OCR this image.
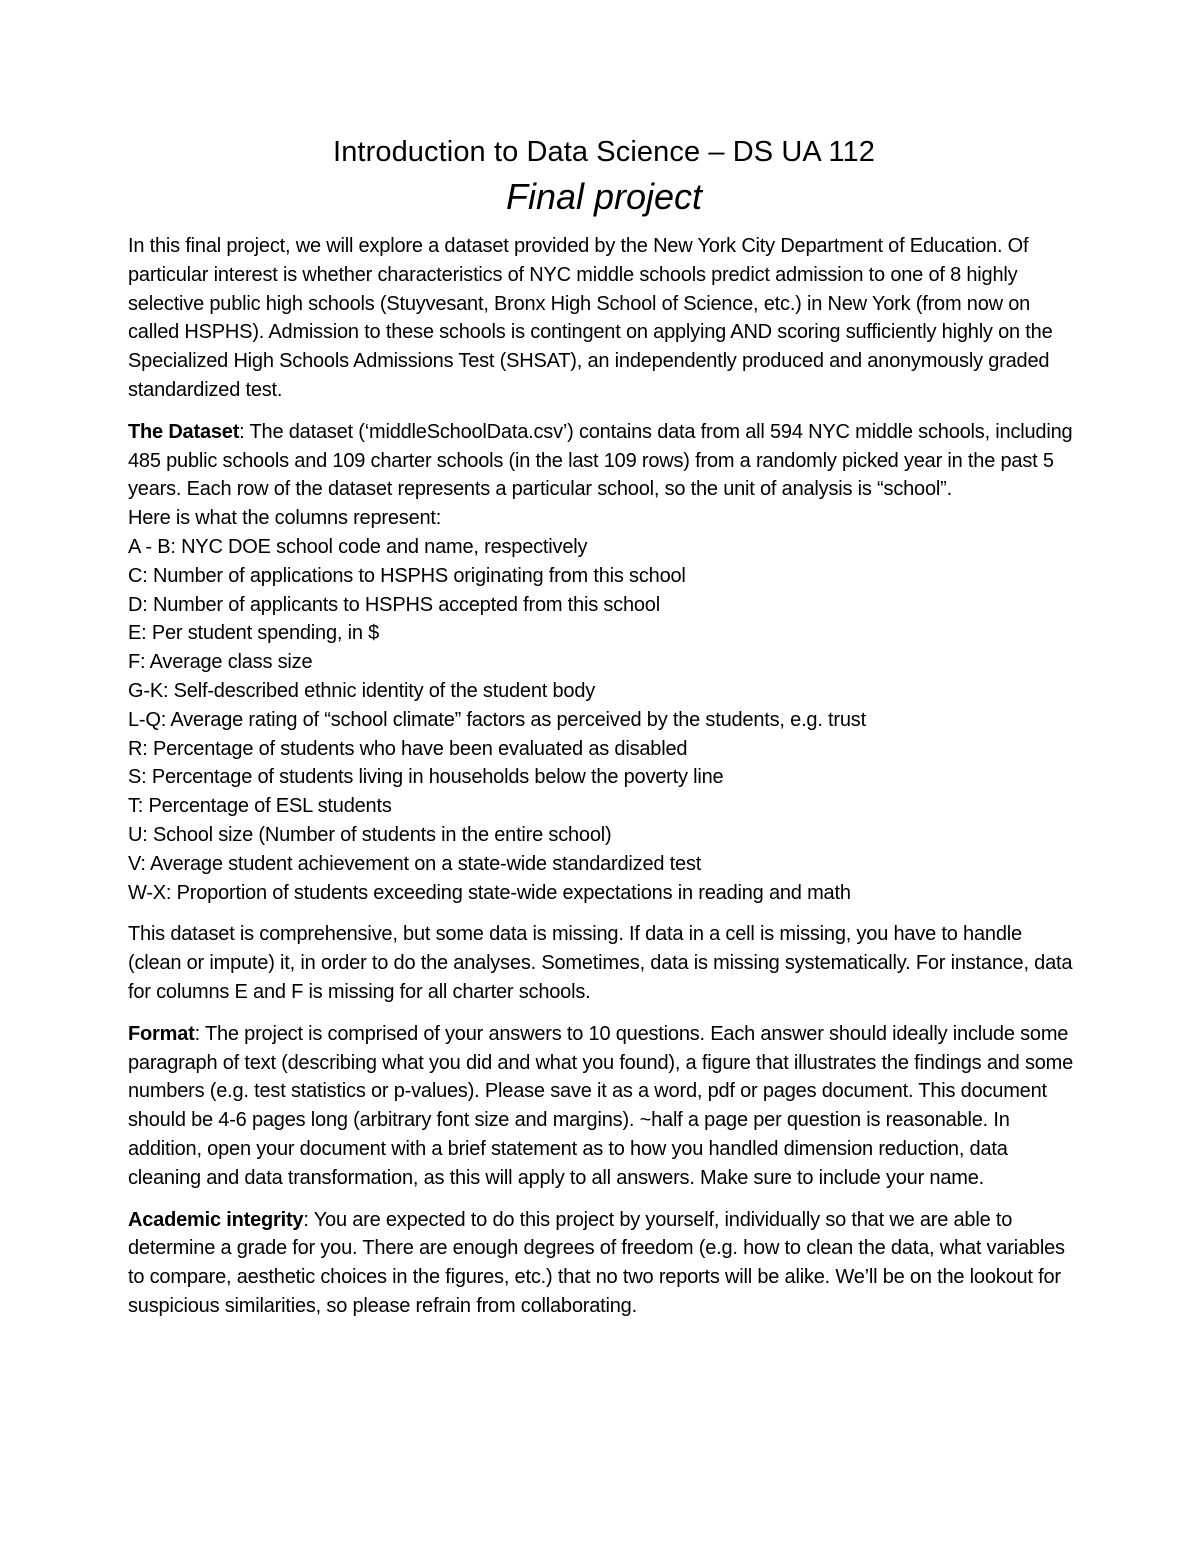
Introduction to Data Science – DS UA 112
Final project

In this final project, we will explore a dataset provided by the New York City Department of Education. Of particular interest is whether characteristics of NYC middle schools predict admission to one of 8 highly selective public high schools (Stuyvesant, Bronx High School of Science, etc.) in New York (from now on called HSPHS). Admission to these schools is contingent on applying AND scoring sufficiently highly on the Specialized High Schools Admissions Test (SHSAT), an independently produced and anonymously graded standardized test.

The Dataset: The dataset (‘middleSchoolData.csv’) contains data from all 594 NYC middle schools, including 485 public schools and 109 charter schools (in the last 109 rows) from a randomly picked year in the past 5 years. Each row of the dataset represents a particular school, so the unit of analysis is “school”.

Here is what the columns represent:

A - B: NYC DOE school code and name, respectively

C: Number of applications to HSPHS originating from this school

D: Number of applicants to HSPHS accepted from this school

E: Per student spending, in $

F: Average class size

G-K: Self-described ethnic identity of the student body

L-Q: Average rating of “school climate” factors as perceived by the students, e.g. trust

R: Percentage of students who have been evaluated as disabled

S: Percentage of students living in households below the poverty line

T: Percentage of ESL students

U: School size (Number of students in the entire school)

V: Average student achievement on a state-wide standardized test

W-X: Proportion of students exceeding state-wide expectations in reading and math

This dataset is comprehensive, but some data is missing. If data in a cell is missing, you have to handle (clean or impute) it, in order to do the analyses. Sometimes, data is missing systematically. For instance, data for columns E and F is missing for all charter schools.

Format: The project is comprised of your answers to 10 questions. Each answer should ideally include some paragraph of text (describing what you did and what you found), a figure that illustrates the findings and some numbers (e.g. test statistics or p-values). Please save it as a word, pdf or pages document. This document should be 4-6 pages long (arbitrary font size and margins). ~half a page per question is reasonable. In addition, open your document with a brief statement as to how you handled dimension reduction, data cleaning and data transformation, as this will apply to all answers. Make sure to include your name.

Academic integrity: You are expected to do this project by yourself, individually so that we are able to determine a grade for you. There are enough degrees of freedom (e.g. how to clean the data, what variables to compare, aesthetic choices in the figures, etc.) that no two reports will be alike. We’ll be on the lookout for suspicious similarities, so please refrain from collaborating.
